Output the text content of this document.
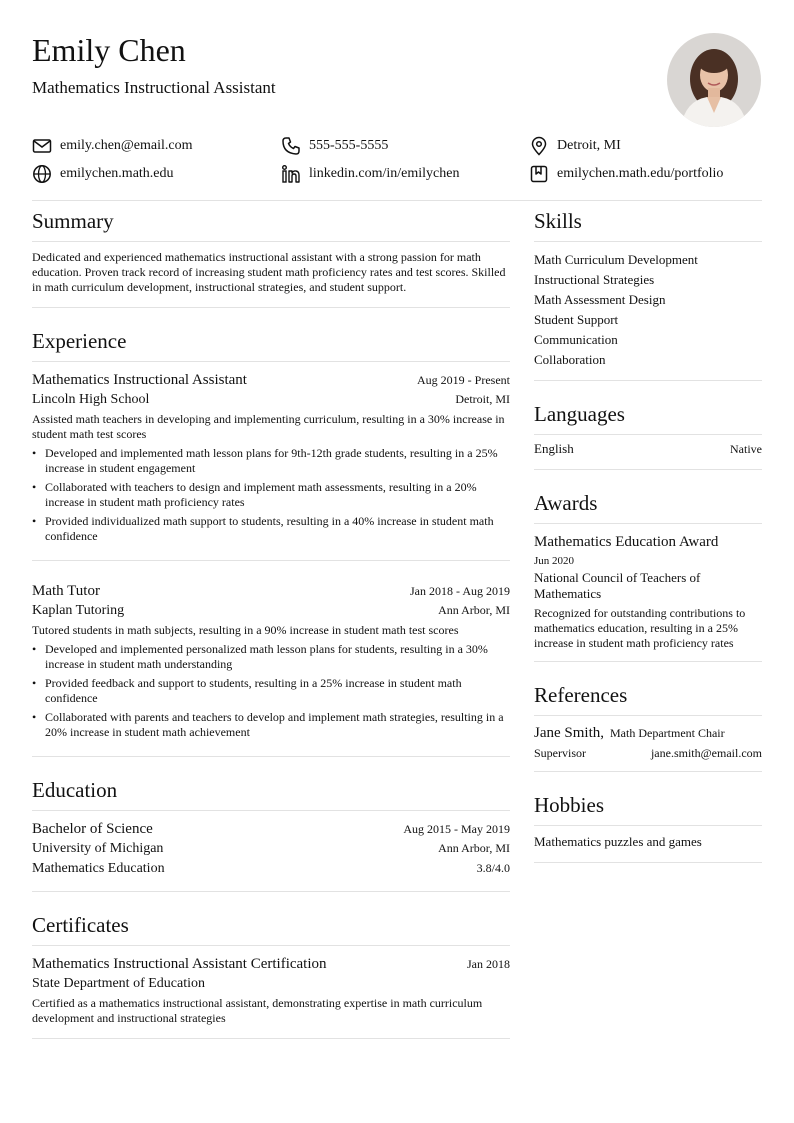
Emily Chen
Mathematics Instructional Assistant
emily.chen@email.com	555-555-5555	Detroit, MI
emilychen.math.edu	linkedin.com/in/emilychen	emilychen.math.edu/portfolio
Summary
Dedicated and experienced mathematics instructional assistant with a strong passion for math education. Proven track record of increasing student math proficiency rates and test scores. Skilled in math curriculum development, instructional strategies, and student support.
Experience
Mathematics Instructional Assistant	Aug 2019 - Present
Lincoln High School	Detroit, MI
Assisted math teachers in developing and implementing curriculum, resulting in a 30% increase in student math test scores
• Developed and implemented math lesson plans for 9th-12th grade students, resulting in a 25% increase in student engagement
• Collaborated with teachers to design and implement math assessments, resulting in a 20% increase in student math proficiency rates
• Provided individualized math support to students, resulting in a 40% increase in student math confidence
Math Tutor	Jan 2018 - Aug 2019
Kaplan Tutoring	Ann Arbor, MI
Tutored students in math subjects, resulting in a 90% increase in student math test scores
• Developed and implemented personalized math lesson plans for students, resulting in a 30% increase in student math understanding
• Provided feedback and support to students, resulting in a 25% increase in student math confidence
• Collaborated with parents and teachers to develop and implement math strategies, resulting in a 20% increase in student math achievement
Education
Bachelor of Science	Aug 2015 - May 2019
University of Michigan	Ann Arbor, MI
Mathematics Education	3.8/4.0
Certificates
Mathematics Instructional Assistant Certification	Jan 2018
State Department of Education
Certified as a mathematics instructional assistant, demonstrating expertise in math curriculum development and instructional strategies
Skills
Math Curriculum Development
Instructional Strategies
Math Assessment Design
Student Support
Communication
Collaboration
Languages
English	Native
Awards
Mathematics Education Award
Jun 2020
National Council of Teachers of Mathematics
Recognized for outstanding contributions to mathematics education, resulting in a 25% increase in student math proficiency rates
References
Jane Smith, Math Department Chair
Supervisor	jane.smith@email.com
Hobbies
Mathematics puzzles and games
